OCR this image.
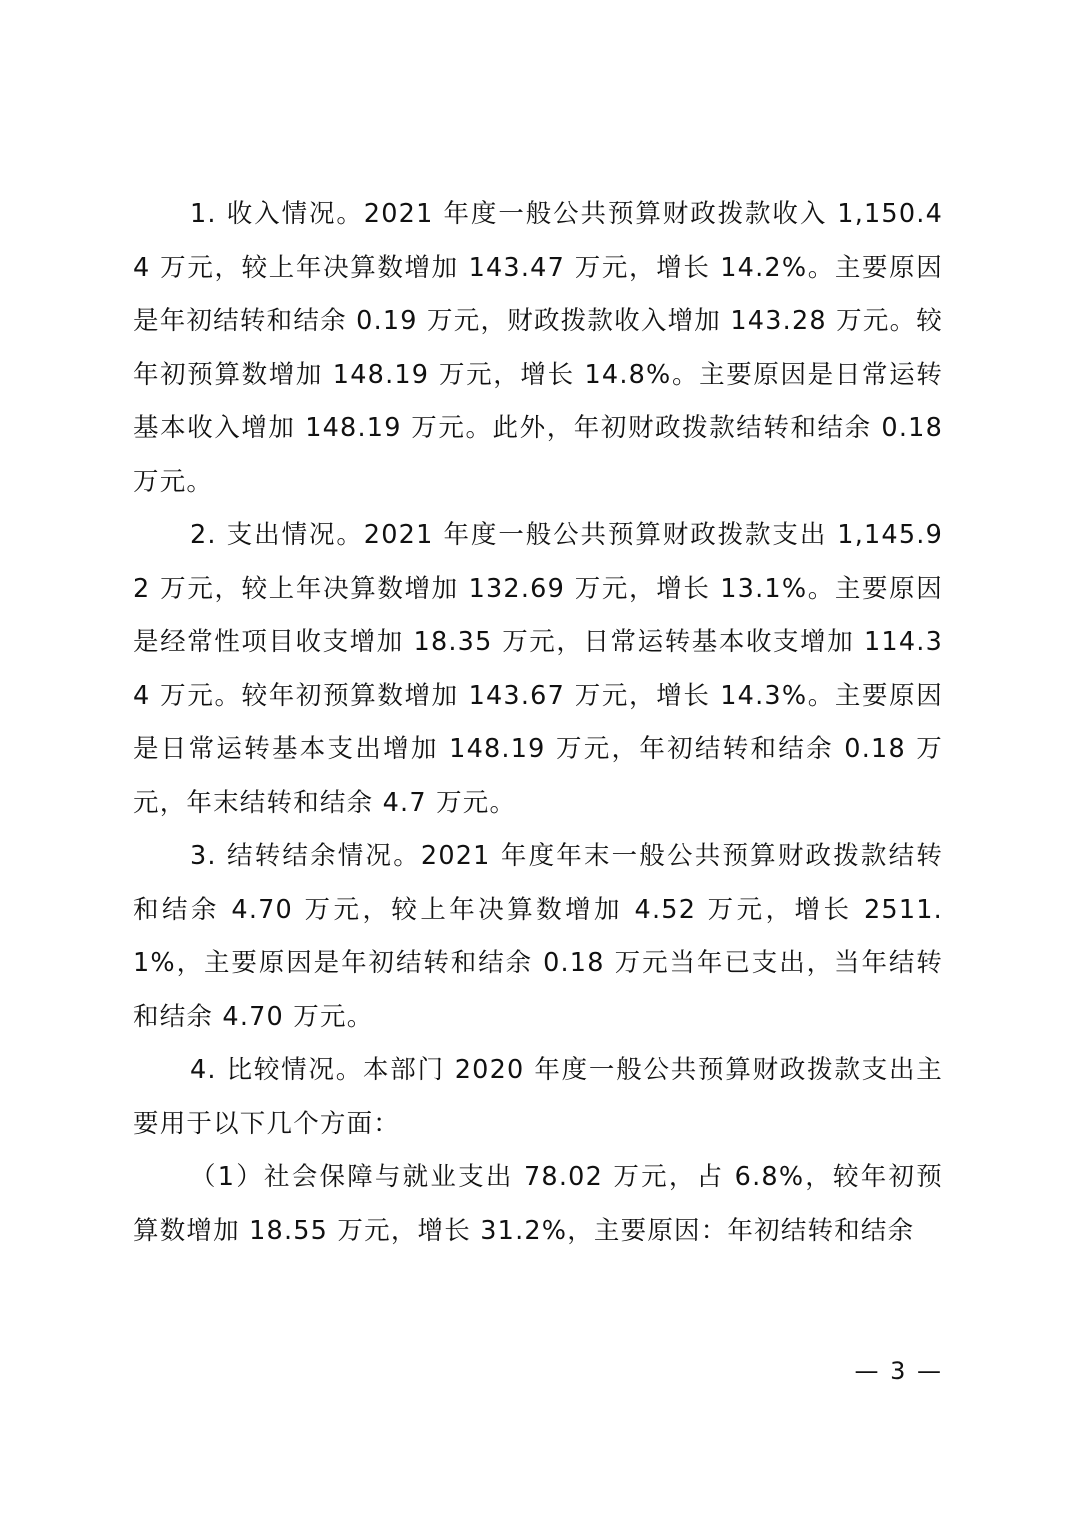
1. 收入情况。2021 年度一般公共预算财政拨款收入 1,150.44 万元，较上年决算数增加 143.47 万元，增长 14.2%。主要原因是年初结转和结余 0.19 万元，财政拨款收入增加 143.28 万元。较年初预算数增加 148.19 万元，增长 14.8%。主要原因是日常运转基本收入增加 148.19 万元。此外，年初财政拨款结转和结余 0.18 万元。

2. 支出情况。2021 年度一般公共预算财政拨款支出 1,145.92 万元，较上年决算数增加 132.69 万元，增长 13.1%。主要原因是经常性项目收支增加 18.35 万元，日常运转基本收支增加 114.34 万元。较年初预算数增加 143.67 万元，增长 14.3%。主要原因是日常运转基本支出增加 148.19 万元，年初结转和结余 0.18 万元，年末结转和结余 4.7 万元。

3. 结转结余情况。2021 年度年末一般公共预算财政拨款结转和结余 4.70 万元，较上年决算数增加 4.52 万元，增长 2511.1%，主要原因是年初结转和结余 0.18 万元当年已支出，当年结转和结余 4.70 万元。

4. 比较情况。本部门 2020 年度一般公共预算财政拨款支出主要用于以下几个方面：

（1）社会保障与就业支出 78.02 万元，占 6.8%，较年初预算数增加 18.55 万元，增长 31.2%，主要原因：年初结转和结余

— 3 —
